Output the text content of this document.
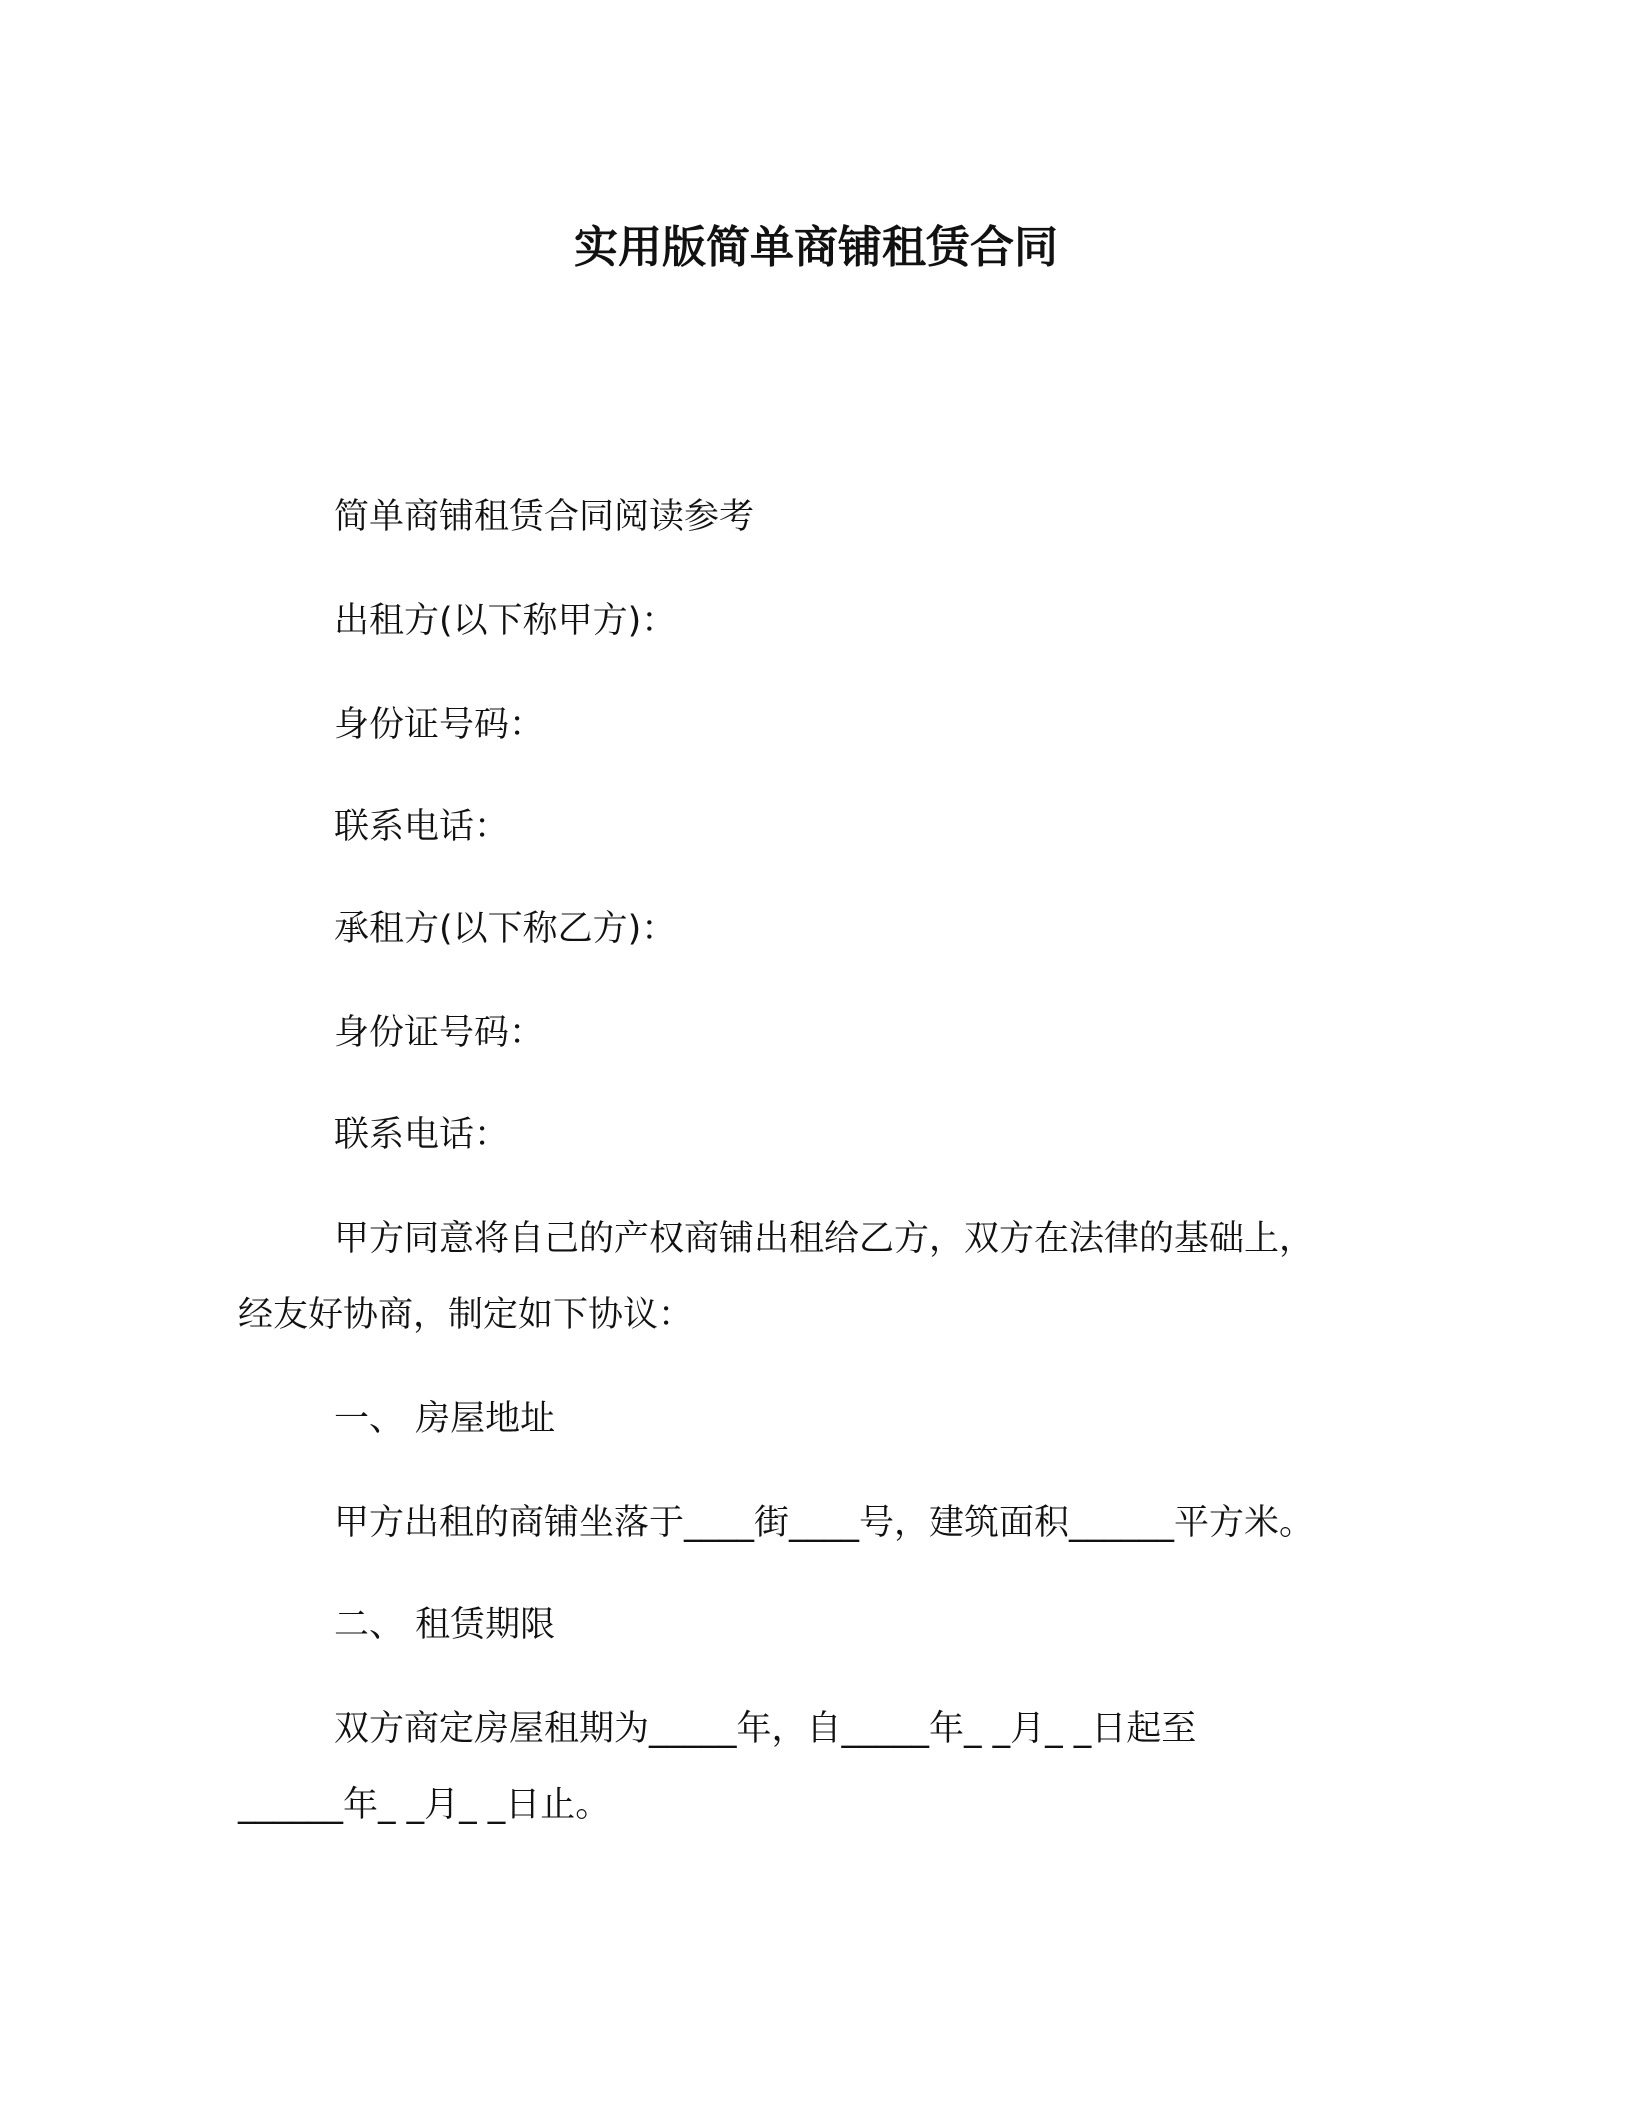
实用版简单商铺租赁合同
简单商铺租赁合同阅读参考
出租方(以下称甲方)：
身份证号码：
联系电话：
承租方(以下称乙方)：
身份证号码：
联系电话：
甲方同意将自己的产权商铺出租给乙方，双方在法律的基础上，
经友好协商，制定如下协议：
一、 房屋地址
甲方出租的商铺坐落于____街____号，建筑面积______平方米。
二、 租赁期限
双方商定房屋租期为_____年，自_____年_ _月_ _日起至
______年_ _月_ _日止。
